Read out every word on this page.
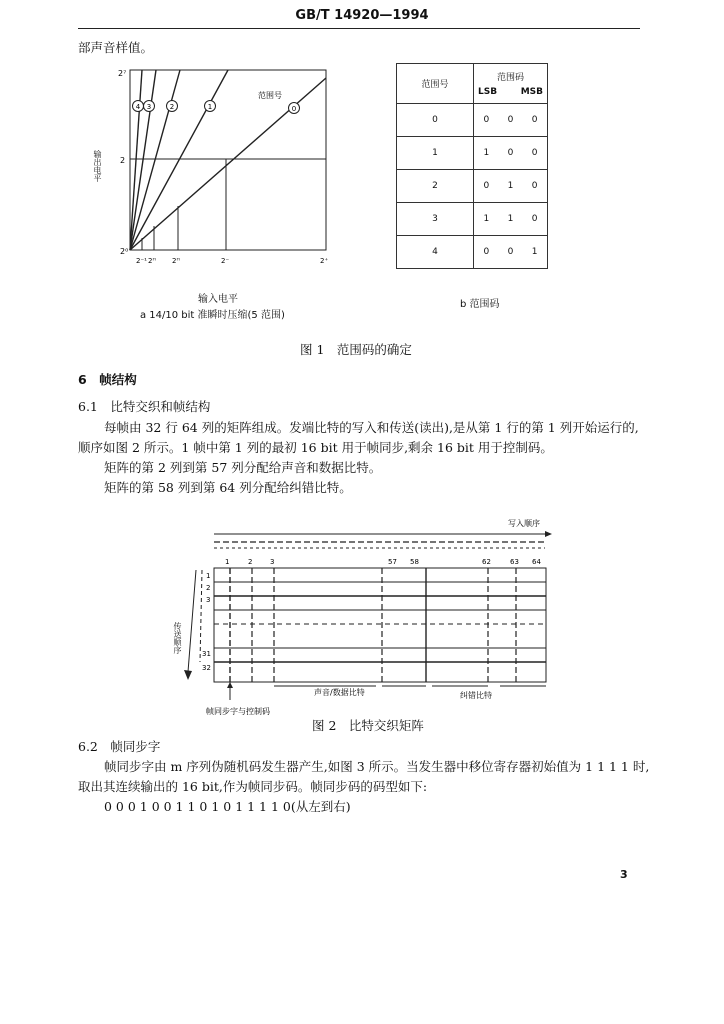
GB/T 14920—1994
部声音样值。
4 3	2	1	0
范围号
2⁷
2
2⁰
2⁻¹ 2ᴴ 2ᴴ	2⁻	2⁺
输出电平
输入电平
a 14/10 bit 准瞬时压缩(5 范围)
范围号	范围码
LSB MSB		

0	0	0	0
1	1	0	0
2	0	1	0
3	1	1	0
4	0	0	1
b 范围码
图 1　范围码的确定
6　帧结构
6.1　比特交织和帧结构
每帧由 32 行 64 列的矩阵组成。发端比特的写入和传送(读出),是从第 1 行的第 1 列开始运行的,
顺序如图 2 所示。1 帧中第 1 列的最初 16 bit 用于帧同步,剩余 16 bit 用于控制码。
矩阵的第 2 列到第 57 列分配给声音和数据比特。
矩阵的第 58 列到第 64 列分配给纠错比特。
写入顺序
1	2	3	57 58	62	63 64
1
2
3
31
32
声音/数据比特	纠错比特
帧同步字与控制码
传送顺序
图 2　比特交织矩阵
6.2　帧同步字
帧同步字由 m 序列伪随机码发生器产生,如图 3 所示。当发生器中移位寄存器初始值为 1 1 1 1 时,
取出其连续输出的 16 bit,作为帧同步码。帧同步码的码型如下:
0 0 0 1 0 0 1 1 0 1 0 1 1 1 1 0(从左到右)
3
